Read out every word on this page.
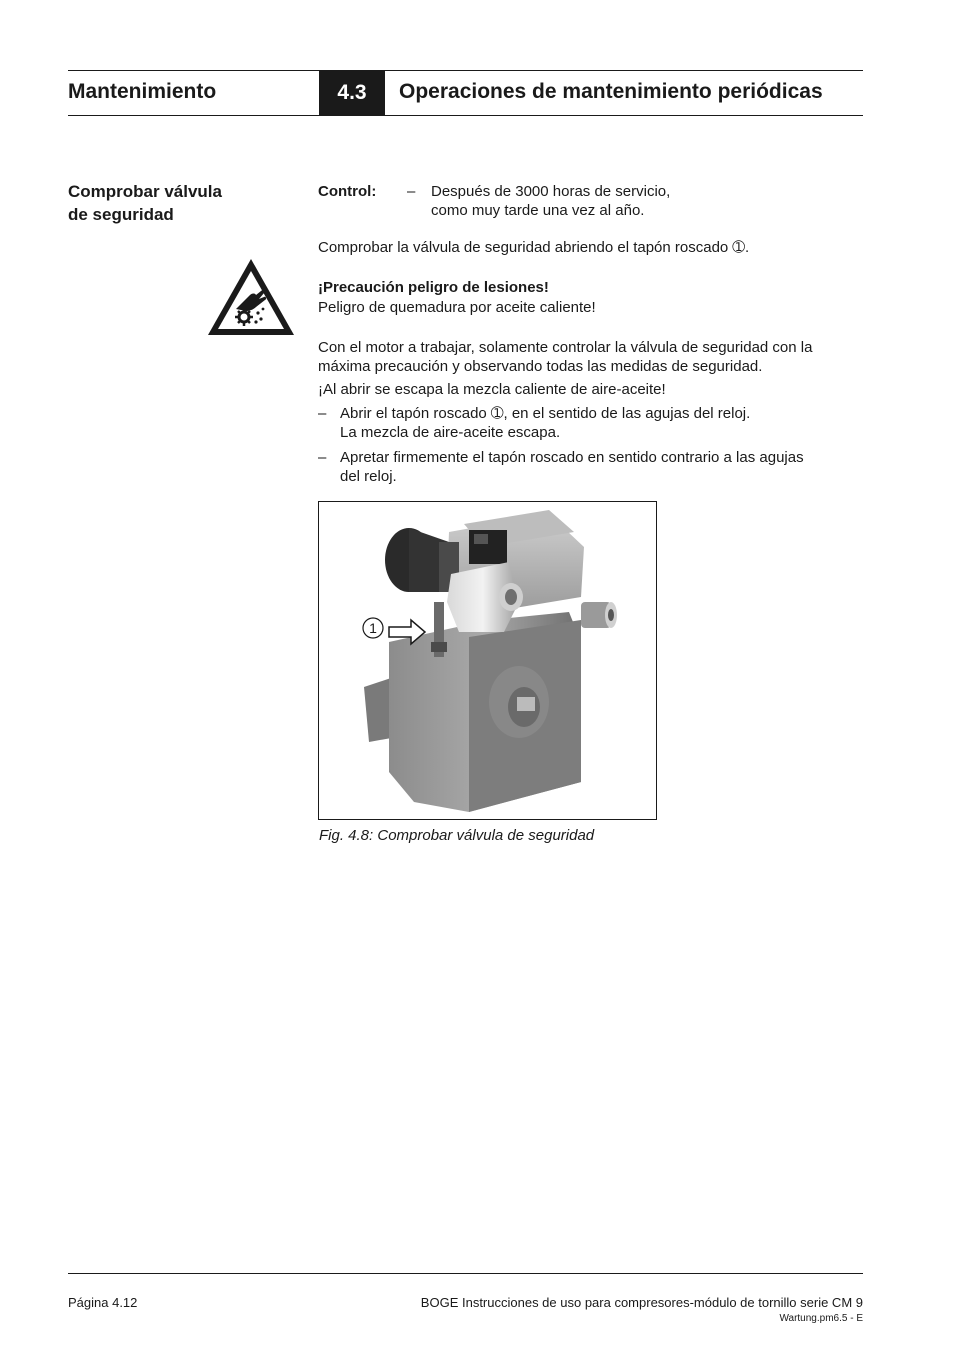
Mantenimiento	4.3 Operaciones de mantenimiento periódicas
Comprobar válvula
de seguridad
Control: – Después de 3000 horas de servicio,
como muy tarde una vez al año.
Comprobar la válvula de seguridad abriendo el tapón roscado ➀.
¡Precaución peligro de lesiones!
Peligro de quemadura por aceite caliente!
Con el motor a trabajar, solamente controlar la válvula de seguridad con la
máxima precaución y observando todas las medidas de seguridad.
¡Al abrir se escapa la mezcla caliente de aire-aceite!
– Abrir el tapón roscado ➀, en el sentido de las agujas del reloj.
La mezcla de aire-aceite escapa.
– Apretar firmemente el tapón roscado en sentido contrario a las agujas
del reloj.
1
Fig. 4.8: Comprobar válvula de seguridad
Página 4.12	BOGE Instrucciones de uso para compresores-módulo de tornillo serie CM 9
Wartung.pm6.5 - E
